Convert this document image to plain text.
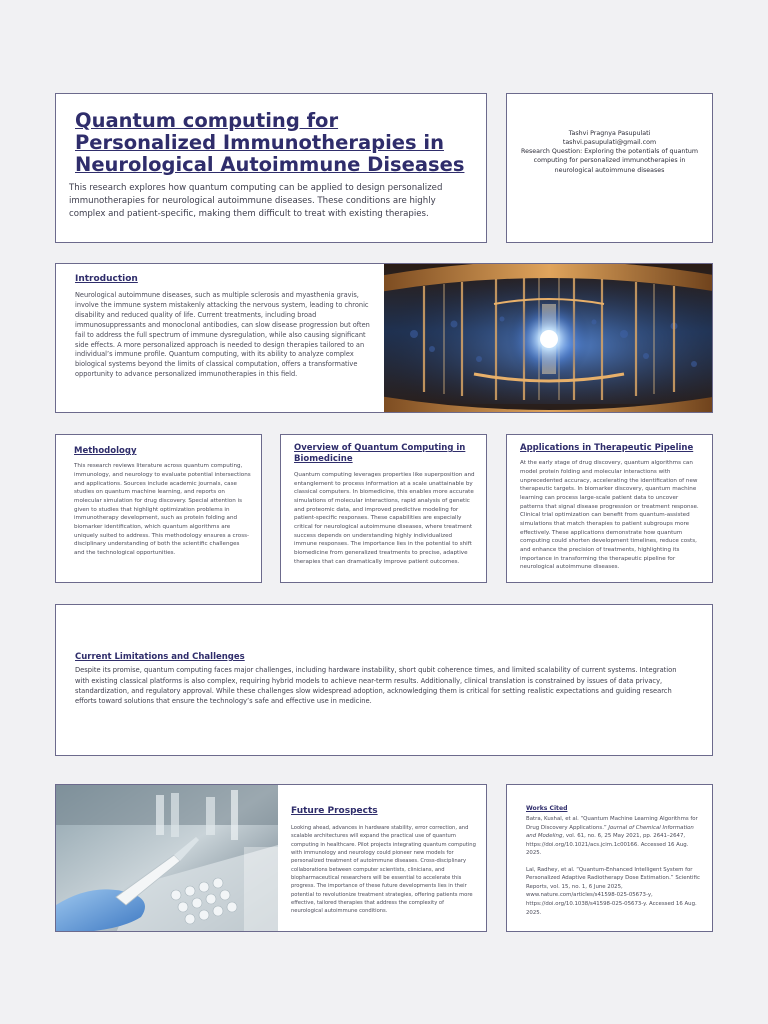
Quantum computing for Personalized Immunotherapies in Neurological Autoimmune Diseases
This research explores how quantum computing can be applied to design personalized immunotherapies for neurological autoimmune diseases. These conditions are highly complex and patient-specific, making them difficult to treat with existing therapies.
Tashvi Pragnya Pasupulati
tashvi.pasupulati@gmail.com
Research Question: Exploring the potentials of quantum computing for personalized immunotherapies in neurological autoimmune diseases

Introduction

Neurological autoimmune diseases, such as multiple sclerosis and myasthenia gravis, involve the immune system mistakenly attacking the nervous system, leading to chronic disability and reduced quality of life. Current treatments, including broad immunosuppressants and monoclonal antibodies, can slow disease progression but often fail to address the full spectrum of immune dysregulation, while also causing significant side effects. A more personalized approach is needed to design therapies tailored to an individual’s immune profile. Quantum computing, with its ability to analyze complex biological systems beyond the limits of classical computation, offers a transformative opportunity to advance personalized immunotherapies in this field.

Methodology

This research reviews literature across quantum computing, immunology, and neurology to evaluate potential intersections and applications. Sources include academic journals, case studies on quantum machine learning, and reports on molecular simulation for drug discovery. Special attention is given to studies that highlight optimization problems in immunotherapy development, such as protein folding and biomarker identification, which quantum algorithms are uniquely suited to address. This methodology ensures a cross-disciplinary understanding of both the scientific challenges and the technological opportunities.

Overview of Quantum Computing in Biomedicine

Quantum computing leverages properties like superposition and entanglement to process information at a scale unattainable by classical computers. In biomedicine, this enables more accurate simulations of molecular interactions, rapid analysis of genetic and proteomic data, and improved predictive modeling for patient-specific responses. These capabilities are especially critical for neurological autoimmune diseases, where treatment success depends on understanding highly individualized immune responses. The importance lies in the potential to shift biomedicine from generalized treatments to precise, adaptive therapies that can dramatically improve patient outcomes.

Applications in Therapeutic Pipeline

At the early stage of drug discovery, quantum algorithms can model protein folding and molecular interactions with unprecedented accuracy, accelerating the identification of new therapeutic targets. In biomarker discovery, quantum machine learning can process large-scale patient data to uncover patterns that signal disease progression or treatment response. Clinical trial optimization can benefit from quantum-assisted simulations that match therapies to patient subgroups more effectively. These applications demonstrate how quantum computing could shorten development timelines, reduce costs, and enhance the precision of treatments, highlighting its importance in transforming the therapeutic pipeline for neurological autoimmune diseases.

Current Limitations and Challenges

Despite its promise, quantum computing faces major challenges, including hardware instability, short qubit coherence times, and limited scalability of current systems. Integration with existing classical platforms is also complex, requiring hybrid models to achieve near-term results. Additionally, clinical translation is constrained by issues of data privacy, standardization, and regulatory approval. While these challenges slow widespread adoption, acknowledging them is critical for setting realistic expectations and guiding research efforts toward solutions that ensure the technology’s safe and effective use in medicine.

Future Prospects

Looking ahead, advances in hardware stability, error correction, and scalable architectures will expand the practical use of quantum computing in healthcare. Pilot projects integrating quantum computing with immunology and neurology could pioneer new models for personalized treatment of autoimmune diseases. Cross-disciplinary collaborations between computer scientists, clinicians, and biopharmaceutical researchers will be essential to accelerate this progress. The importance of these future developments lies in their potential to revolutionize treatment strategies, offering patients more effective, tailored therapies that address the complexity of neurological autoimmune conditions.

Works Cited

Batra, Kushal, et al. “Quantum Machine Learning Algorithms for Drug Discovery Applications.” Journal of Chemical Information and Modeling, vol. 61, no. 6, 25 May 2021, pp. 2641–2647, https://doi.org/10.1021/acs.jcim.1c00166. Accessed 16 Aug. 2025.

Lal, Radhey, et al. “Quantum-Enhanced Intelligent System for Personalized Adaptive Radiotherapy Dose Estimation.” Scientific Reports, vol. 15, no. 1, 6 June 2025, www.nature.com/articles/s41598-025-05673-y, https://doi.org/10.1038/s41598-025-05673-y. Accessed 16 Aug. 2025.
